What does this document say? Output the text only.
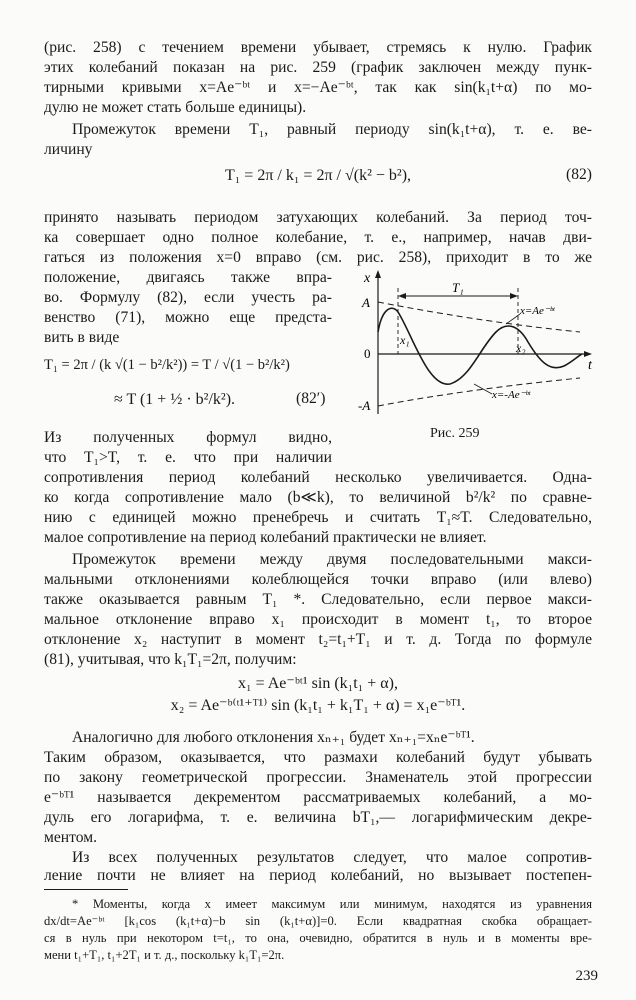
(рис. 258) с течением времени убывает, стремясь к нулю. График
этих колебаний показан на рис. 259 (график заключен между пунк-
тирными кривыми x=Ae⁻ᵇᵗ и x=−Ae⁻ᵇᵗ, так как sin(k₁t+α) по мо-
дулю не может стать больше единицы).
Промежуток времени T₁, равный периоду sin(k₁t+α), т. е. ве-
личину
T₁ = 2π / k₁ = 2π / √(k² − b²),	(82)
принято называть периодом затухающих колебаний. За период точ-
ка совершает одно полное колебание, т. е., например, начав дви-
гаться из положения x=0 вправо (см. рис. 258), приходит в то же
положение, двигаясь также впра-
во. Формулу (82), если учесть ра-
венство (71), можно еще предста-
вить в виде
T₁ = 2π / (k √(1 − b²/k²)) = T / √(1 − b²/k²)
≈ T (1 + ½ · b²/k²).	(82′)
Из полученных формул видно,
что T₁>T, т. е. что при наличии
x
t
A
0
-A
T₁
x₁
x₂
x=Ae⁻ᵇᵗ
x=-Ae⁻ᵇᵗ
Рис. 259
сопротивления период колебаний несколько увеличивается. Одна-
ко когда сопротивление мало (b≪k), то величиной b²/k² по сравне-
нию с единицей можно пренебречь и считать T₁≈T. Следовательно,
малое сопротивление на период колебаний практически не влияет.
Промежуток времени между двумя последовательными макси-
мальными отклонениями колеблющейся точки вправо (или влево)
также оказывается равным T₁ *. Следовательно, если первое макси-
мальное отклонение вправо x₁ происходит в момент t₁, то второе
отклонение x₂ наступит в момент t₂=t₁+T₁ и т. д. Тогда по формуле
(81), учитывая, что k₁T₁=2π, получим:
x₁ = Ae⁻ᵇᵗ¹ sin (k₁t₁ + α),
x₂ = Ae⁻ᵇ⁽ᵗ¹⁺ᵀ¹⁾ sin (k₁t₁ + k₁T₁ + α) = x₁e⁻ᵇᵀ¹.
Аналогично для любого отклонения xₙ₊₁ будет xₙ₊₁=xₙe⁻ᵇᵀ¹.
Таким образом, оказывается, что размахи колебаний будут убывать
по закону геометрической прогрессии. Знаменатель этой прогрессии
e⁻ᵇᵀ¹ называется декрементом рассматриваемых колебаний, а мо-
дуль его логарифма, т. е. величина bT₁,— логарифмическим декре-
ментом.
Из всех полученных результатов следует, что малое сопротив-
* Моменты, когда x имеет максимум или минимум, находятся из уравнения
dx/dt=Ae⁻ᵇᵗ [k₁cos (k₁t+α)−b sin (k₁t+α)]=0. Если квадратная скобка обращает-
ся в нуль при некотором t=t₁, то она, очевидно, обратится в нуль и в моменты вре-
мени t₁+T₁, t₁+2T₁ и т. д., поскольку k₁T₁=2π.
239
ление почти не влияет на период колебаний, но вызывает постепен-
